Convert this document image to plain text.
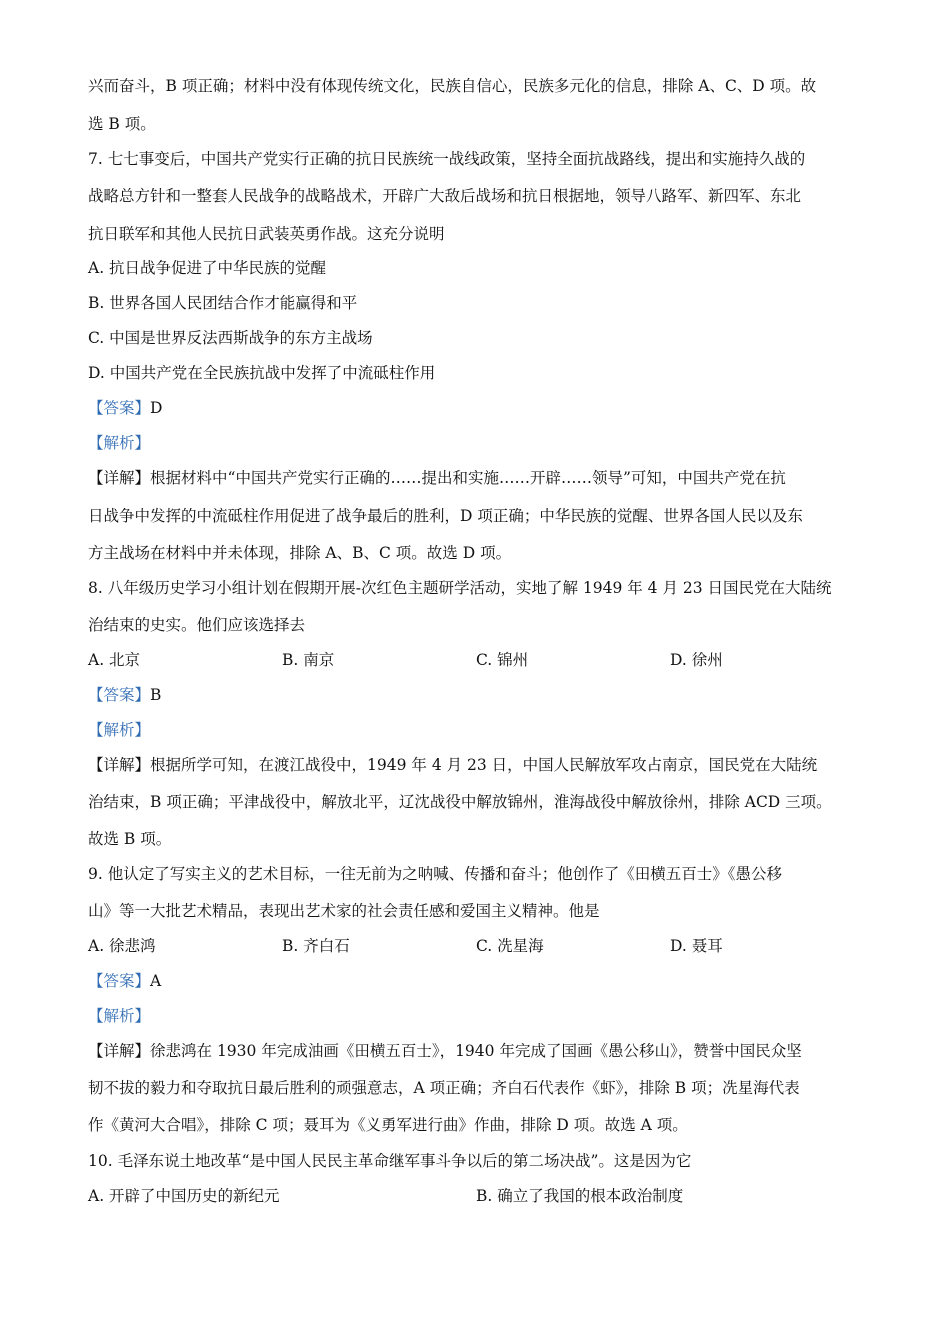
兴而奋斗，B 项正确；材料中没有体现传统文化，民族自信心，民族多元化的信息，排除 A、C、D 项。故
选 B 项。
7. 七七事变后，中国共产党实行正确的抗日民族统一战线政策，坚持全面抗战路线，提出和实施持久战的
战略总方针和一整套人民战争的战略战术，开辟广大敌后战场和抗日根据地，领导八路军、新四军、东北
抗日联军和其他人民抗日武装英勇作战。这充分说明
A. 抗日战争促进了中华民族的觉醒
B. 世界各国人民团结合作才能赢得和平
C. 中国是世界反法西斯战争的东方主战场
D. 中国共产党在全民族抗战中发挥了中流砥柱作用
【答案】D
【解析】
【详解】根据材料中“中国共产党实行正确的……提出和实施……开辟……领导”可知，中国共产党在抗
日战争中发挥的中流砥柱作用促进了战争最后的胜利，D 项正确；中华民族的觉醒、世界各国人民以及东
方主战场在材料中并未体现，排除 A、B、C 项。故选 D 项。
8. 八年级历史学习小组计划在假期开展-次红色主题研学活动，实地了解 1949 年 4 月 23 日国民党在大陆统
治结束的史实。他们应该选择去
A. 北京	B. 南京	C. 锦州	D. 徐州
【答案】B
【解析】
【详解】根据所学可知，在渡江战役中，1949 年 4 月 23 日，中国人民解放军攻占南京，国民党在大陆统
治结束，B 项正确；平津战役中，解放北平，辽沈战役中解放锦州，淮海战役中解放徐州，排除 ACD 三项。
故选 B 项。
9. 他认定了写实主义的艺术目标，一往无前为之呐喊、传播和奋斗；他创作了《田横五百士》《愚公移
山》等一大批艺术精品，表现出艺术家的社会责任感和爱国主义精神。他是
A. 徐悲鸿	B. 齐白石	C. 冼星海	D. 聂耳
【答案】A
【解析】
【详解】徐悲鸿在 1930 年完成油画《田横五百士》，1940 年完成了国画《愚公移山》，赞誉中国民众坚
韧不拔的毅力和夺取抗日最后胜利的顽强意志，A 项正确；齐白石代表作《虾》，排除 B 项；冼星海代表
作《黄河大合唱》，排除 C 项；聂耳为《义勇军进行曲》作曲，排除 D 项。故选 A 项。
10. 毛泽东说土地改革“是中国人民民主革命继军事斗争以后的第二场决战”。这是因为它
A. 开辟了中国历史的新纪元	B. 确立了我国的根本政治制度
